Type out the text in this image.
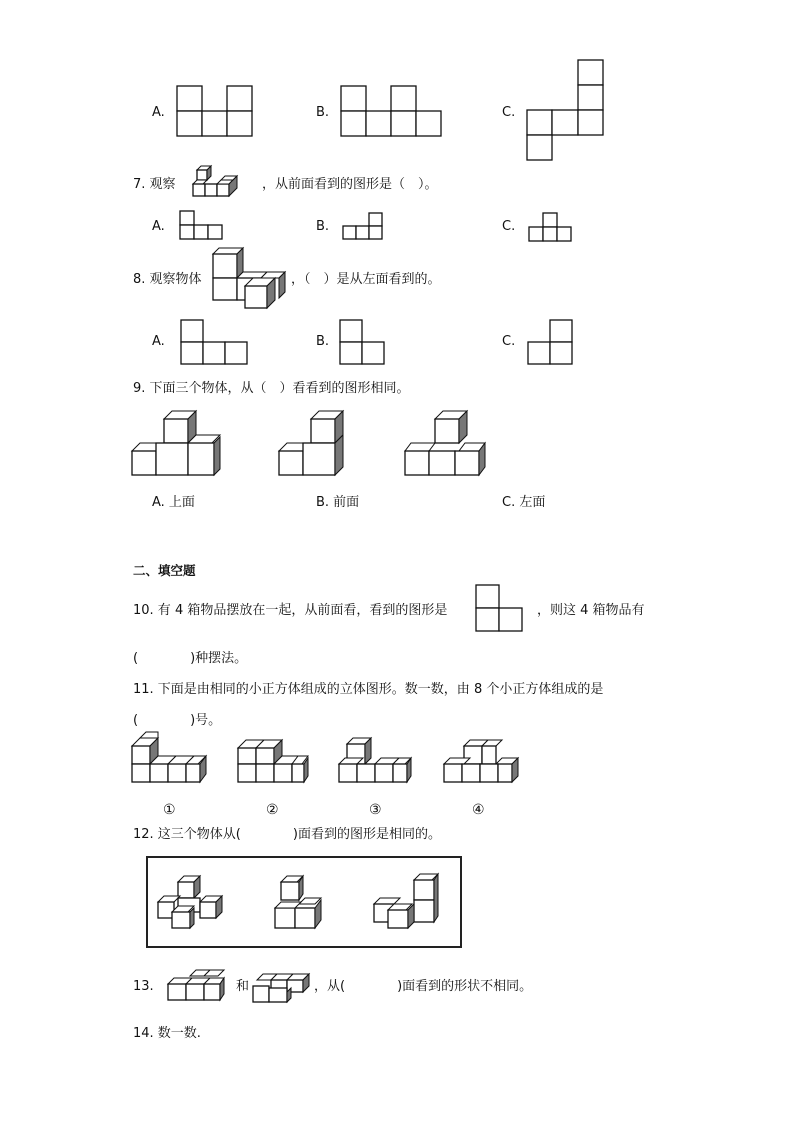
A.	B.	C.
7. 观察	，从前面看到的图形是（　）。
A.	B.	C.
8. 观察物体	，（　）是从左面看到的。
A.	B.	C.
9. 下面三个物体，从（　）看看到的图形相同。
A. 上面	B. 前面	C. 左面
二、填空题
10. 有 4 箱物品摆放在一起，从前面看，看到的图形是	，则这 4 箱物品有
(　　　　)种摆法。
11. 下面是由相同的小正方体组成的立体图形。数一数，由 8 个小正方体组成的是
(　　　　)号。
①	②	③	④
12. 这三个物体从(　　　　)面看到的图形是相同的。
13.	和	，从(　　　　)面看到的形状不相同。
14. 数一数.
